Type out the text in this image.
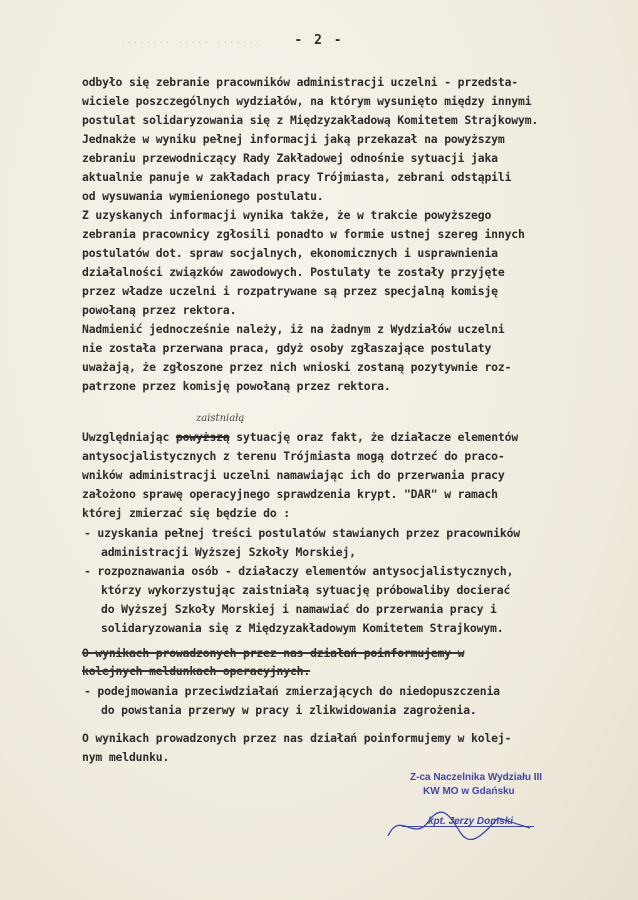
........ ..... .......	- 2 -
odbyło się zebranie pracowników administracji uczelni - przedsta-
wiciele poszczególnych wydziałów, na którym wysunięto między innymi
postulat solidaryzowania się z Międzyzakładową Komitetem Strajkowym.
Jednakże w wyniku pełnej informacji jaką przekazał na powyższym
zebraniu przewodniczący Rady Zakładowej odnośnie sytuacji jaka
aktualnie panuje w zakładach pracy Trójmiasta, zebrani odstąpili
od wysuwania wymienionego postulatu.
Z uzyskanych informacji wynika także, że w trakcie powyższego
zebrania pracownicy zgłosili ponadto w formie ustnej szereg innych
postulatów dot. spraw socjalnych, ekonomicznych i usprawnienia
działalności związków zawodowych. Postulaty te zostały przyjęte
przez władze uczelni i rozpatrywane są przez specjalną komisję
powołaną przez rektora.
Nadmienić jednocześnie należy, iż na żadnym z Wydziałów uczelni
nie została przerwana praca, gdyż osoby zgłaszające postulaty
uważają, że zgłoszone przez nich wnioski zostaną pozytywnie roz-
patrzone przez komisję powołaną przez rektora.
zaistniałą
Uwzględniając powyższą sytuację oraz fakt, że działacze elementów
antysocjalistycznych z terenu Trójmiasta mogą dotrzeć do praco-
wników administracji uczelni namawiając ich do przerwania pracy
założono sprawę operacyjnego sprawdzenia krypt. "DAR" w ramach
której zmierzać się będzie do :
- uzyskania pełnej treści postulatów stawianych przez pracowników
administracji Wyższej Szkoły Morskiej,
- rozpoznawania osób - działaczy elementów antysocjalistycznych,
którzy wykorzystując zaistniałą sytuację próbowaliby docierać
do Wyższej Szkoły Morskiej i namawiać do przerwania pracy i
solidaryzowania się z Międzyzakładowym Komitetem Strajkowym.
O wynikach prowadzonych przez nas działań poinformujemy w
kolejnych meldunkach operacyjnych.
- podejmowania przeciwdziałań zmierzających do niedopuszczenia
do powstania przerwy w pracy i zlikwidowania zagrożenia.
O wynikach prowadzonych przez nas działań poinformujemy w kolej-
nym meldunku.
Z-ca Naczelnika Wydziału III
KW MO w Gdańsku
kpt. Jerzy Domski
